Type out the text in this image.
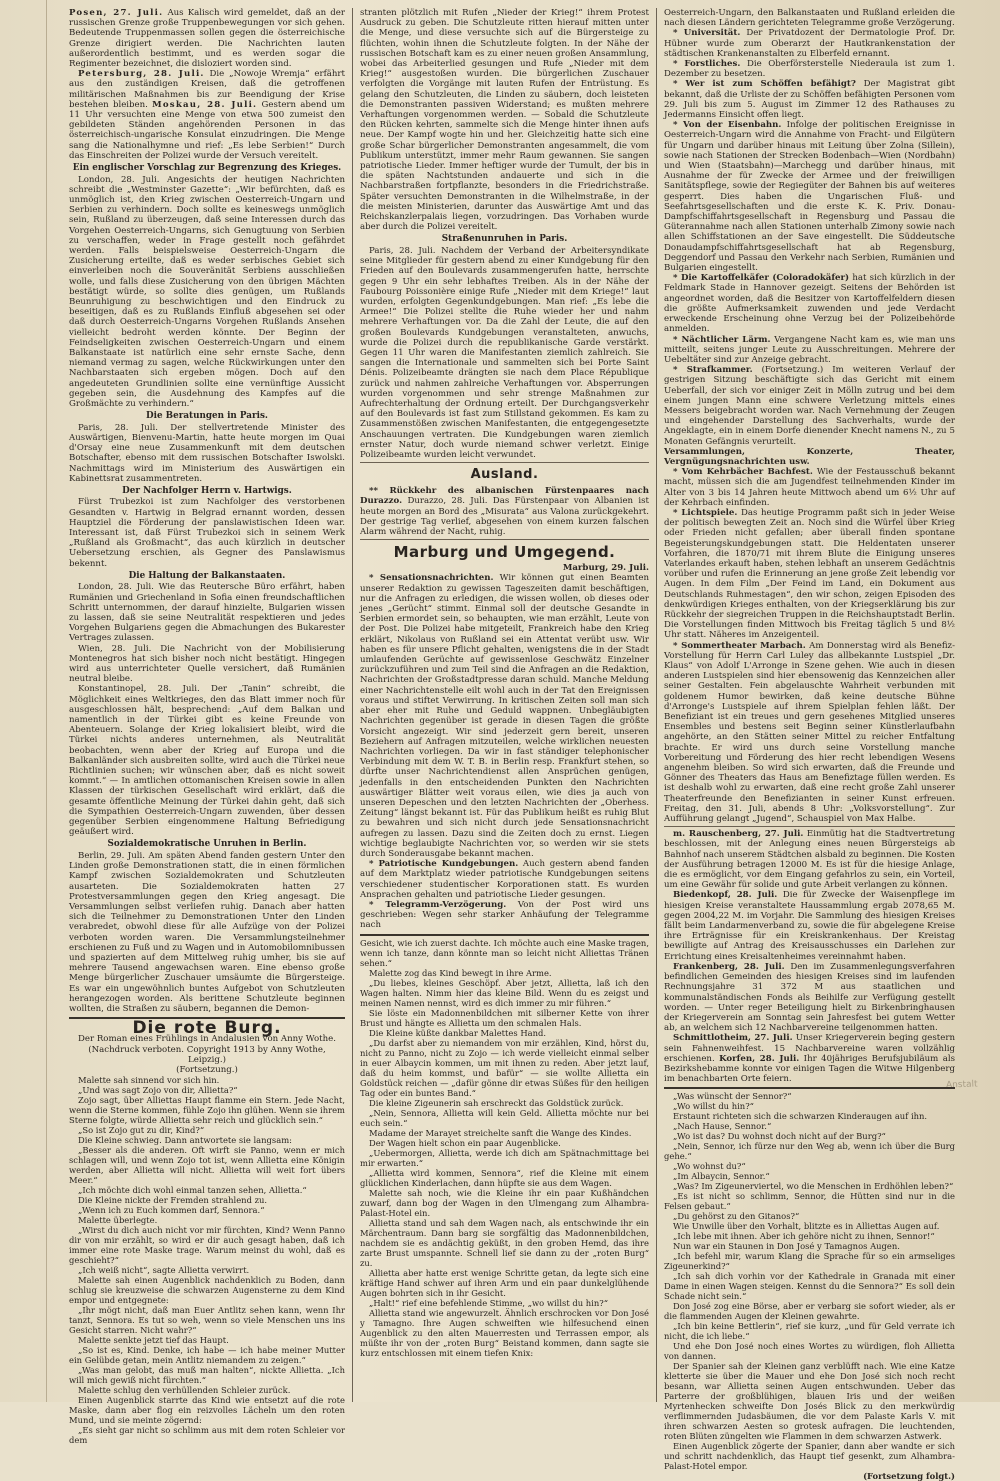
Anstalt

Posen, 27. Juli. Aus Kalisch wird gemeldet, daß an der russischen Grenze große Truppenbewegungen vor sich gehen. Bedeutende Truppenmassen sollen gegen die österreichische Grenze dirigiert werden. Die Nachrichten lauten außerordentlich bestimmt, und es werden sogar die Regimenter bezeichnet, die disloziert worden sind.

Petersburg, 28. Juli. Die „Nowoje Wremja“ erfährt aus den zuständigen Kreisen, daß die getroffenen militärischen Maßnahmen bis zur Beendigung der Krise bestehen bleiben. Moskau, 28. Juli. Gestern abend um 11 Uhr versuchten eine Menge von etwa 500 zumeist den gebildeten Ständen angehörenden Personen in das österreichisch-ungarische Konsulat einzudringen. Die Menge sang die Nationalhymne und rief: „Es lebe Serbien!“ Durch das Einschreiten der Polizei wurde der Versuch vereitelt.

Ein englischer Vorschlag zur Begrenzung des Krieges.

London, 28. Juli. Angesichts der heutigen Nachrichten schreibt die „Westminster Gazette“: „Wir befürchten, daß es unmöglich ist, den Krieg zwischen Oesterreich-Ungarn und Serbien zu verhindern. Doch sollte es keineswegs unmöglich sein, Rußland zu überzeugen, daß seine Interessen durch das Vorgehen Oesterreich-Ungarns, sich Genugtuung von Serbien zu verschaffen, weder in Frage gestellt noch gefährdet werden. Falls beispielsweise Oesterreich-Ungarn die Zusicherung erteilte, daß es weder serbisches Gebiet sich einverleiben noch die Souveränität Serbiens ausschließen wolle, und falls diese Zusicherung von den übrigen Mächten bestätigt würde, so sollte dies genügen, um Rußlands Beunruhigung zu beschwichtigen und den Eindruck zu beseitigen, daß es zu Rußlands Einfluß abgesehen sei oder daß durch Oesterreich-Ungarns Vorgehen Rußlands Ansehen vielleicht bedroht werden könnte. Der Beginn der Feindseligkeiten zwischen Oesterreich-Ungarn und einem Balkanstaate ist natürlich eine sehr ernste Sache, denn niemand vermag zu sagen, welche Rückwirkungen unter den Nachbarstaaten sich ergeben mögen. Doch auf den angedeuteten Grundlinien sollte eine vernünftige Aussicht gegeben sein, die Ausdehnung des Kampfes auf die Großmächte zu verhindern.“

Die Beratungen in Paris.

Paris, 28. Juli. Der stellvertretende Minister des Auswärtigen, Bienvenu-Martin, hatte heute morgen im Quai d'Orsay eine neue Zusammenkunft mit dem deutschen Botschafter, ebenso mit dem russischen Botschafter Iswolski. Nachmittags wird im Ministerium des Auswärtigen ein Kabinettsrat zusammentreten.

Der Nachfolger Herrn v. Hartwigs.

Fürst Trubezkoi ist zum Nachfolger des verstorbenen Gesandten v. Hartwig in Belgrad ernannt worden, dessen Hauptziel die Förderung der panslawistischen Ideen war. Interessant ist, daß Fürst Trubezkoi sich in seinem Werk „Rußland als Großmacht“, das auch kürzlich in deutscher Uebersetzung erschien, als Gegner des Panslawismus bekennt.

Die Haltung der Balkanstaaten.

London, 28. Juli. Wie das Reutersche Büro erfährt, haben Rumänien und Griechenland in Sofia einen freundschaftlichen Schritt unternommen, der darauf hinzielte, Bulgarien wissen zu lassen, daß sie seine Neutralität respektieren und jedes Vorgehen Bulgariens gegen die Abmachungen des Bukarester Vertrages zulassen.

Wien, 28. Juli. Die Nachricht von der Mobilisierung Montenegros hat sich bisher noch nicht bestätigt. Hingegen wird aus unterrichteter Quelle versichert, daß Rumänien neutral bleibe.

Konstantinopel, 28. Juli. Der „Tanin“ schreibt, die Möglichkeit eines Weltkrieges, den das Blatt immer noch für ausgeschlossen hält, besprechend: „Auf dem Balkan und namentlich in der Türkei gibt es keine Freunde von Abenteuern. Solange der Krieg lokalisiert bleibt, wird die Türkei nichts anderes unternehmen, als Neutralität beobachten, wenn aber der Krieg auf Europa und die Balkanländer sich ausbreiten sollte, wird auch die Türkei neue Richtlinien suchen; wir wünschen aber, daß es nicht soweit kommt.“ — In amtlichen ottomanischen Kreisen sowie in allen Klassen der türkischen Gesellschaft wird erklärt, daß die gesamte öffentliche Meinung der Türkei dahin geht, daß sich die Sympathien Oesterreich-Ungarn zuwenden, über dessen gegenüber Serbien eingenommene Haltung Befriedigung geäußert wird.

Sozialdemokratische Unruhen in Berlin.

Berlin, 29. Juli. Am späten Abend fanden gestern Unter den Linden große Demonstrationen statt, die in einen förmlichen Kampf zwischen Sozialdemokraten und Schutzleuten ausarteten. Die Sozialdemokraten hatten 27 Protestversammlungen gegen den Krieg angesagt. Die Versammlungen selbst verliefen ruhig. Danach aber hatten sich die Teilnehmer zu Demonstrationen Unter den Linden verabredet, obwohl diese für alle Aufzüge von der Polizei verboten worden waren. Die Versammlungsteilnehmer erschienen zu Fuß und zu Wagen und in Automobilomnibussen und spazierten auf dem Mittelweg ruhig umher, bis sie auf mehrere Tausend angewachsen waren. Eine ebenso große Menge bürgerlicher Zuschauer umsäumte die Bürgersteige. Es war ein ungewöhnlich buntes Aufgebot von Schutzleuten herangezogen worden. Als berittene Schutzleute beginnen wollten, die Straßen zu säubern, begannen die Demon-

Die rote Burg.

Der Roman eines Frühlings in Andalusien von Anny Wothe.

(Nachdruck verboten. Copyright 1913 by Anny Wothe, Leipzig.)

(Fortsetzung.)

Malette sah sinnend vor sich hin.

„Und was sagt Zojo von dir, Allietta?“

Zojo sagt, über Alliettas Haupt flamme ein Stern. Jede Nacht, wenn die Sterne kommen, fühle Zojo ihn glühen. Wenn sie ihrem Sterne folgte, würde Allietta sehr reich und glücklich sein.“

„So ist Zojo gut zu dir, Kind?“

Die Kleine schwieg. Dann antwortete sie langsam:

„Besser als die anderen. Oft wirft sie Panno, wenn er mich schlagen will, und wenn Zojo tot ist, wenn Allietta eine Königin werden, aber Allietta will nicht. Allietta will weit fort übers Meer.“

„Ich möchte dich wohl einmal tanzen sehen, Allietta.“

Die Kleine nickte der Fremden strahlend zu.

„Wenn ich zu Euch kommen darf, Sennora.“

Malette überlegte.

„Wirst du dich auch nicht vor mir fürchten, Kind? Wenn Panno dir von mir erzählt, so wird er dir auch gesagt haben, daß ich immer eine rote Maske trage. Warum meinst du wohl, daß es geschieht?“

„Ich weiß nicht“, sagte Allietta verwirrt.

Malette sah einen Augenblick nachdenklich zu Boden, dann schlug sie kreuzweise die schwarzen Augensterne zu dem Kind empor und entgegnete:

„Ihr mögt nicht, daß man Euer Antlitz sehen kann, wenn Ihr tanzt, Sennora. Es tut so weh, wenn so viele Menschen uns ins Gesicht starren. Nicht wahr?“

Malette senkte jetzt tief das Haupt.

„So ist es, Kind. Denke, ich habe — ich habe meiner Mutter ein Gelübde getan, mein Antlitz niemandem zu zeigen.“

„Was man gelobt, das muß man halten“, nickte Allietta. „Ich will mich gewiß nicht fürchten.“

Malette schlug den verhüllenden Schleier zurück.

Einen Augenblick starrte das Kind wie entsetzt auf die rote Maske, dann aber flog ein reizvolles Lächeln um den roten Mund, und sie meinte zögernd:

„Es sieht gar nicht so schlimm aus mit dem roten Schleier vor dem

stranten plötzlich mit Rufen „Nieder der Krieg!“ ihrem Protest Ausdruck zu geben. Die Schutzleute ritten hierauf mitten unter die Menge, und diese versuchte sich auf die Bürgersteige zu flüchten, wohin ihnen die Schutzleute folgten. In der Nähe der russischen Botschaft kam es zu einer neuen großen Ansammlung, wobei das Arbeiterlied gesungen und Rufe „Nieder mit dem Krieg!“ ausgestoßen wurden. Die bürgerlichen Zuschauer verfolgten die Vorgänge mit lauten Rufen der Entrüstung. Es gelang den Schutzleuten, die Linden zu säubern, doch leisteten die Demonstranten passiven Widerstand; es mußten mehrere Verhaftungen vorgenommen werden. — Sobald die Schutzleute den Rücken kehrten, sammelte sich die Menge hinter ihnen aufs neue. Der Kampf wogte hin und her. Gleichzeitig hatte sich eine große Schar bürgerlicher Demonstranten angesammelt, die vom Publikum unterstützt, immer mehr Raum gewannen. Sie sangen patriotische Lieder. Immer heftiger wurde der Tumult, der bis in die späten Nachtstunden andauerte und sich in die Nachbarstraßen fortpflanzte, besonders in die Friedrichstraße. Später versuchten Demonstranten in die Wilhelmstraße, in der die meisten Ministerien, darunter das Auswärtige Amt und das Reichskanzlerpalais liegen, vorzudringen. Das Vorhaben wurde aber durch die Polizei vereitelt.

Straßenunruhen in Paris.

Paris, 28. Juli. Nachdem der Verband der Arbeitersyndikate seine Mitglieder für gestern abend zu einer Kundgebung für den Frieden auf den Boulevards zusammengerufen hatte, herrschte gegen 9 Uhr ein sehr lebhaftes Treiben. Als in der Nähe der Faubourg Poissonière einige Rufe „Nieder mit dem Kriege!“ laut wurden, erfolgten Gegenkundgebungen. Man rief: „Es lebe die Armee!“ Die Polizei stellte die Ruhe wieder her und nahm mehrere Verhaftungen vor. Da die Zahl der Leute, die auf den großen Boulevards Kundgebungen veranstalteten, anwuchs, wurde die Polizei durch die republikanische Garde verstärkt. Gegen 11 Uhr waren die Manifestanten ziemlich zahlreich. Sie sangen die Internationale und sammelten sich bei Porte Saint Dénis. Polizeibeamte drängten sie nach dem Place République zurück und nahmen zahlreiche Verhaftungen vor. Absperrungen wurden vorgenommen und sehr strenge Maßnahmen zur Aufrechterhaltung der Ordnung erteilt. Der Durchgangsverkehr auf den Boulevards ist fast zum Stillstand gekommen. Es kam zu Zusammenstößen zwischen Manifestanten, die entgegengesetzte Anschauungen vertraten. Die Kundgebungen waren ziemlich ernster Natur, doch wurde niemand schwer verletzt. Einige Polizeibeamte wurden leicht verwundet.

Ausland.

** Rückkehr des albanischen Fürstenpaares nach Durazzo. Durazzo, 28. Juli. Das Fürstenpaar von Albanien ist heute morgen an Bord des „Misurata“ aus Valona zurückgekehrt. Der gestrige Tag verlief, abgesehen von einem kurzen falschen Alarm während der Nacht, ruhig.

Marburg und Umgegend.

Marburg, 29. Juli.

* Sensationsnachrichten. Wir können gut einen Beamten unserer Redaktion zu gewissen Tageszeiten damit beschäftigen, nur die Anfragen zu erledigen, die wissen wollen, ob dieses oder jenes „Gerücht“ stimmt. Einmal soll der deutsche Gesandte in Serbien ermordet sein, so behaupten, wie man erzählt, Leute von der Post. Die Polizei habe mitgeteilt, Frankreich habe den Krieg erklärt, Nikolaus von Rußland sei ein Attentat verübt usw. Wir haben es für unsere Pflicht gehalten, wenigstens die in der Stadt umlaufenden Gerüchte auf gewissenlose Geschwätz Einzelner zurückzuführen und zum Teil sind die Anfragen an die Redaktion, Nachrichten der Großstadtpresse daran schuld. Manche Meldung einer Nachrichtenstelle eilt wohl auch in der Tat den Ereignissen voraus und stiftet Verwirrung. In kritischen Zeiten soll man sich aber eher mit Ruhe und Geduld wappnen. Unbegläubigten Nachrichten gegenüber ist gerade in diesen Tagen die größte Vorsicht angezeigt. Wir sind jederzeit gern bereit, unseren Beziehern auf Anfragen mitzuteilen, welche wirklichen neuesten Nachrichten vorliegen. Da wir in fast ständiger telephonischer Verbindung mit dem W. T. B. in Berlin resp. Frankfurt stehen, so dürfte unser Nachrichtendienst allen Ansprüchen genügen, jedenfalls in den entscheidenden Punkten den Nachrichten auswärtiger Blätter weit voraus eilen, wie dies ja auch von unseren Depeschen und den letzten Nachrichten der „Oberhess. Zeitung“ längst bekannt ist. Für das Publikum heißt es ruhig Blut zu bewahren und sich nicht durch jede Sensationsnachricht aufregen zu lassen. Dazu sind die Zeiten doch zu ernst. Liegen wichtige beglaubigte Nachrichten vor, so werden wir sie stets durch Sonderausgabe bekannt machen.

* Patriotische Kundgebungen. Auch gestern abend fanden auf dem Marktplatz wieder patriotische Kundgebungen seitens verschiedener studentischer Korporationen statt. Es wurden Ansprachen gehalten und patriotische Lieder gesungen.

* Telegramm-Verzögerung. Von der Post wird uns geschrieben: Wegen sehr starker Anhäufung der Telegramme nach

Gesicht, wie ich zuerst dachte. Ich möchte auch eine Maske tragen, wenn ich tanze, dann könnte man so leicht nicht Alliettas Tränen sehen.“

Malette zog das Kind bewegt in ihre Arme.

„Du liebes, kleines Geschöpf. Aber jetzt, Allietta, laß ich den Wagen halten. Nimm hier das kleine Bild. Wenn du es zeigst und meinen Namen nennst, wird es dich immer zu mir führen.“

Sie löste ein Madonnenbildchen mit silberner Kette von ihrer Brust und hängte es Allietta um den schmalen Hals.

Die Kleine küßte dankbar Malettes Hand.

„Du darfst aber zu niemandem von mir erzählen, Kind, hörst du, nicht zu Panno, nicht zu Zojo — ich werde vielleicht einmal selber in euer Albaycin kommen, um mit ihnen zu reden. Aber jetzt lauf, daß du heim kommst, und bafür“ — sie wollte Allietta ein Goldstück reichen — „dafür gönne dir etwas Süßes für den heiligen Tag oder ein buntes Band.“

Die kleine Zigeunerin sah erschreckt das Goldstück zurück.

„Nein, Sennora, Allietta will kein Geld. Allietta möchte nur bei euch sein.“

Madame der Marayet streichelte sanft die Wange des Kindes.

Der Wagen hielt schon ein paar Augenblicke.

„Uebermorgen, Allietta, werde ich dich am Spätnachmittage bei mir erwarten.“

„Allietta wird kommen, Sennora“, rief die Kleine mit einem glücklichen Kinderlachen, dann hüpfte sie aus dem Wagen.

Malette sah noch, wie die Kleine ihr ein paar Kußhändchen zuwarf, dann bog der Wagen in den Ulmengang zum Alhambra-Palast-Hotel ein.

Allietta stand und sah dem Wagen nach, als entschwinde ihr ein Märchentraum. Dann barg sie sorgfältig das Madonnenbildchen, nachdem sie es andächtig geküßt, in den groben Hemd, das ihre zarte Brust umspannte. Schnell lief sie dann zu der „roten Burg“ zu.

Allietta aber hatte erst wenige Schritte getan, da legte sich eine kräftige Hand schwer auf ihren Arm und ein paar dunkelglühende Augen bohrten sich in ihr Gesicht.

„Halt!“ rief eine befehlende Stimme, „wo willst du hin?“

Allietta stand wie angewurzelt. Ähnlich erschrocken vor Don José y Tamagno. Ihre Augen schweiften wie hilfesuchend einen Augenblick zu den alten Mauerresten und Terrassen empor, als müßte ihr von der „roten Burg“ Beistand kommen, dann sagte sie kurz entschlossen mit einem tiefen Knix:

Oesterreich-Ungarn, den Balkanstaaten und Rußland erleiden die nach diesen Ländern gerichteten Telegramme große Verzögerung.

* Universität. Der Privatdozent der Dermatologie Prof. Dr. Hübner wurde zum Oberarzt der Hautkrankenstation der städtischen Krankenanstalten zu Elberfeld ernannt.

* Forstliches. Die Oberförsterstelle Niederaula ist zum 1. Dezember zu besetzen.

* Wer ist zum Schöffen befähigt? Der Magistrat gibt bekannt, daß die Urliste der zu Schöffen befähigten Personen vom 29. Juli bis zum 5. August im Zimmer 12 des Rathauses zu Jedermanns Einsicht offen liegt.

* Von der Eisenbahn. Infolge der politischen Ereignisse in Oesterreich-Ungarn wird die Annahme von Fracht- und Eilgütern für Ungarn und darüber hinaus mit Leitung über Zolna (Sillein), sowie nach Stationen der Strecken Bodenbach—Wien (Nordbahn) und Wien (Staatsbahn)—Marchegg und darüber hinaus, mit Ausnahme der für Zwecke der Armee und der freiwilligen Sanitätspflege, sowie der Regiegüter der Bahnen bis auf weiteres gesperrt. Dies haben die Ungarischen Fluß- und Seefahrtsgesellschaften und die erste K. K. Priv. Donau-Dampfschiffahrtsgesellschaft in Regensburg und Passau die Güterannahme nach allen Stationen unterhalb Zimony sowie nach allen Schiffstationen an der Save eingestellt. Die Süddeutsche Donaudampfschiffahrtsgesellschaft hat ab Regensburg, Deggendorf und Passau den Verkehr nach Serbien, Rumänien und Bulgarien eingestellt.

* Die Kartoffelkäfer (Coloradokäfer) hat sich kürzlich in der Feldmark Stade in Hannover gezeigt. Seitens der Behörden ist angeordnet worden, daß die Besitzer von Kartoffelfeldern diesen die größte Aufmerksamkeit zuwenden und jede Verdacht erweckende Erscheinung ohne Verzug bei der Polizeibehörde anmelden.

* Nächtlicher Lärm. Vergangene Nacht kam es, wie man uns mitteilt, seitens junger Leute zu Ausschreitungen. Mehrere der Uebeltäter sind zur Anzeige gebracht.

* Strafkammer. (Fortsetzung.) Im weiteren Verlauf der gestrigen Sitzung beschäftigte sich das Gericht mit einem Ueberfall, der sich vor einiger Zeit in Mölln zutrug und bei dem einem jungen Mann eine schwere Verletzung mittels eines Messers beigebracht worden war. Nach Vernehmung der Zeugen und eingehender Darstellung des Sachverhalts, wurde der Angeklagte, ein in einem Dorfe dienender Knecht namens N., zu 5 Monaten Gefängnis verurteilt.

Versammlungen, Konzerte, Theater, Vergnügungsnachrichten usw.

* Vom Kehrbächer Bachfest. Wie der Festausschuß bekannt macht, müssen sich die am Jugendfest teilnehmenden Kinder im Alter von 3 bis 14 Jahren heute Mittwoch abend um 6½ Uhr auf der Kehrbach einfinden.

* Lichtspiele. Das heutige Programm paßt sich in jeder Weise der politisch bewegten Zeit an. Noch sind die Würfel über Krieg oder Frieden nicht gefallen; aber überall finden spontane Begeisterungskundgebungen statt. Die Heldentaten unserer Vorfahren, die 1870/71 mit ihrem Blute die Einigung unseres Vaterlandes erkauft haben, stehen lebhaft an unserem Gedächtnis vorüber und rufen die Erinnerung an jene große Zeit lebendig vor Augen. In dem Film „Der Feind im Land, ein Dokument aus Deutschlands Ruhmestagen“, den wir schon, zeigen Episoden des denkwürdigen Krieges enthalten, von der Kriegserklärung bis zur Rückkehr der siegreichen Truppen in die Reichshauptstadt Berlin. Die Vorstellungen finden Mittwoch bis Freitag täglich 5 und 8½ Uhr statt. Näheres im Anzeigenteil.

* Sommertheater Marbach. Am Donnerstag wird als Benefiz-Vorstellung für Herrn Carl Luley das allbekannte Lustspiel „Dr. Klaus“ von Adolf L'Arronge in Szene gehen. Wie auch in diesen anderen Lustspielen sind hier ebensowenig das Kennzeichen aller seiner Gestalten. Fein abgelauschte Wahrheit verbunden mit goldenem Humor bewirken, daß keine deutsche Bühne d'Arronge's Lustspiele auf ihrem Spielplan fehlen läßt. Der Benefiziant ist ein treues und gern gesehenes Mitglied unseres Ensembles und bestens seit Beginn seiner Künstlerlaufbahn angehörte, an den Stätten seiner Mittel zu reicher Entfaltung brachte. Er wird uns durch seine Vorstellung manche Vorbereitung und Förderung des hier recht lebendigen Wesens angenehm bleiben. So wird sich erwarten, daß die Freunde und Gönner des Theaters das Haus am Benefiztage füllen werden. Es ist deshalb wohl zu erwarten, daß eine recht große Zahl unserer Theaterfreunde den Benefizianten in seiner Kunst erfreuen. Freitag, den 31. Juli, abends 8 Uhr: „Volksvorstellung“. Zur Aufführung gelangt „Jugend“, Schauspiel von Max Halbe.

m. Rauschenberg, 27. Juli. Einmütig hat die Stadtvertretung beschlossen, mit der Anlegung eines neuen Bürgersteigs ab Bahnhof nach unserem Städtchen alsbald zu beginnen. Die Kosten der Ausführung betragen 12000 M. Es ist für die hiesige Anlage, die es ermöglicht, vor dem Eingang gefahrlos zu sein, ein Vorteil, um eine Gewähr für solide und gute Arbeit verlangen zu können.

Biedenkopf, 28. Juli. Die für Zwecke der Waisenpflege im hiesigen Kreise veranstaltete Haussammlung ergab 2078,65 M. gegen 2004,22 M. im Vorjahr. Die Sammlung des hiesigen Kreises fällt beim Landarmenverband zu, sowie die für abgelegene Kreise ihre Erträgnisse für ein Kreiskrankenhaus. Der Kreistag bewilligte auf Antrag des Kreisausschusses ein Darlehen zur Errichtung eines Kreisaltenheimes vereinnahmt haben.

Frankenberg, 28. Juli. Den im Zusammenlegungsverfahren befindlichen Gemeinden des hiesigen Kreises sind im laufenden Rechnungsjahre 31 372 M aus staatlichen und kommunalständischen Fonds als Beihilfe zur Verfügung gestellt worden. — Unter reger Beteiligung hielt zu Birkenbringhausen der Kriegerverein am Sonntag sein Jahresfest bei gutem Wetter ab, an welchem sich 12 Nachbarvereine teilgenommen hatten.

Schmittlotheim, 27. Juli. Unser Kriegerverein beging gestern sein Fahnenweihfest. 15 Nachbarvereine waren vollzählig erschienen. Korfen, 28. Juli. Ihr 40jähriges Berufsjubiläum als Bezirkshebamme konnte vor einigen Tagen die Witwe Hilgenberg im benachbarten Orte feiern.

„Was wünscht der Sennor?“

„Wo willst du hin?“

Erstaunt richteten sich die schwarzen Kinderaugen auf ihn.

„Nach Hause, Sennor.“

„Wo ist das? Du wohnst doch nicht auf der Burg?“

„Nein, Sennor, ich fürze nur den Weg ab, wenn ich über die Burg gehe.“

„Wo wohnst du?“

„Im Albaycin, Sennor.“

„Was? Im Zigeunerviertel, wo die Menschen in Erdhöhlen leben?“

„Es ist nicht so schlimm, Sennor, die Hütten sind nur in die Felsen gebaut.“

„Du gehörst zu den Gitanos?“

Wie Unwille über den Vorhalt, blitzte es in Alliettas Augen auf.

„Ich lebe mit ihnen. Aber ich gehöre nicht zu ihnen, Sennor!“

Nun war ein Staunen in Don José y Tamagnos Augen.

„Ich befehl mir, warum Klang die Sprache für so ein armseliges Zigeunerkind?“

„Ich sah dich vorhin vor der Kathedrale in Granada mit einer Dame in einen Wagen steigen. Kennst du die Sennora?“ Es soll dein Schade nicht sein.“

Don José zog eine Börse, aber er verbarg sie sofort wieder, als er die flammenden Augen der Kleinen gewahrte.

„Ich bin keine Bettlerin“, rief sie kurz, „und für Geld verrate ich nicht, die ich liebe.“

Und ehe Don José noch eines Wortes zu würdigen, floh Allietta von dannen.

Der Spanier sah der Kleinen ganz verblüfft nach. Wie eine Katze kletterte sie über die Mauer und ehe Don José sich noch recht besann, war Allietta seinen Augen entschwunden. Ueber das Parterre der großblühigen, blauen Iris und der weißen Myrtenhecken schweifte Don Josés Blick zu den merkwürdig verflimmernden Judasbäumen, die vor dem Palaste Karls V. mit ihren schwarzen Aesten so grotesk aufragen. Die leuchtenden, roten Blüten züngelten wie Flammen in dem schwarzen Astwerk.

Einen Augenblick zögerte der Spanier, dann aber wandte er sich und schritt nachdenklich, das Haupt tief gesenkt, zum Alhambra-Palast-Hotel empor.

(Fortsetzung folgt.)
